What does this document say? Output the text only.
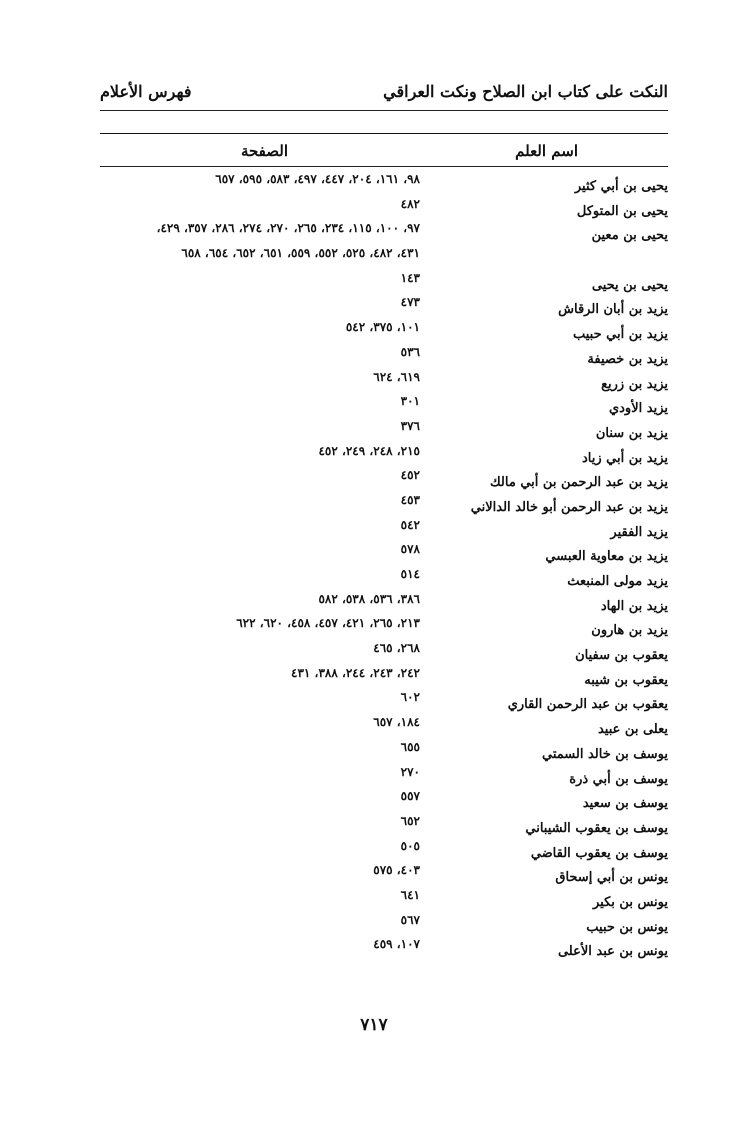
النكت على كتاب ابن الصلاح ونكت العراقي
فهرس الأعلام
اسم العلم
الصفحة
يحيى بن أبي كثير
٩٨، ١٦١، ٢٠٤، ٤٤٧، ٤٩٧، ٥٨٣، ٥٩٥، ٦٥٧
يحيى بن المتوكل
٤٨٢
يحيى بن معين
٩٧، ١٠٠، ١١٥، ٢٣٤، ٢٦٥، ٢٧٠، ٢٧٤، ٢٨٦، ٣٥٧، ٤٢٩،
٤٣١، ٤٨٢، ٥٢٥، ٥٥٢، ٥٥٩، ٦٥١، ٦٥٢، ٦٥٤، ٦٥٨
يحيى بن يحيى
١٤٣
يزيد بن أبان الرقاش
٤٧٣
يزيد بن أبي حبيب
١٠١، ٣٧٥، ٥٤٢
يزيد بن خصيفة
٥٣٦
يزيد بن زريع
٦١٩، ٦٢٤
يزيد الأودي
٣٠١
يزيد بن سنان
٣٧٦
يزيد بن أبي زياد
٢١٥، ٢٤٨، ٢٤٩، ٤٥٢
يزيد بن عبد الرحمن بن أبي مالك
٤٥٢
يزيد بن عبد الرحمن أبو خالد الدالاني
٤٥٣
يزيد الفقير
٥٤٢
يزيد بن معاوية العبسي
٥٧٨
يزيد مولى المنبعث
٥١٤
يزيد بن الهاد
٣٨٦، ٥٣٦، ٥٣٨، ٥٨٢
يزيد بن هارون
٢١٣، ٢٦٥، ٤٢١، ٤٥٧، ٤٥٨، ٦٢٠، ٦٢٢
يعقوب بن سفيان
٢٦٨، ٤٦٥
يعقوب بن شيبه
٢٤٢، ٢٤٣، ٢٤٤، ٣٨٨، ٤٣١
يعقوب بن عبد الرحمن القاري
٦٠٢
يعلى بن عبيد
١٨٤، ٦٥٧
يوسف بن خالد السمتي
٦٥٥
يوسف بن أبي ذرة
٢٧٠
يوسف بن سعيد
٥٥٧
يوسف بن يعقوب الشيباني
٦٥٢
يوسف بن يعقوب القاضي
٥٠٥
يونس بن أبي إسحاق
٤٠٣، ٥٧٥
يونس بن بكير
٦٤١
يونس بن حبيب
٥٦٧
يونس بن عبد الأعلى
١٠٧، ٤٥٩
٧١٧
